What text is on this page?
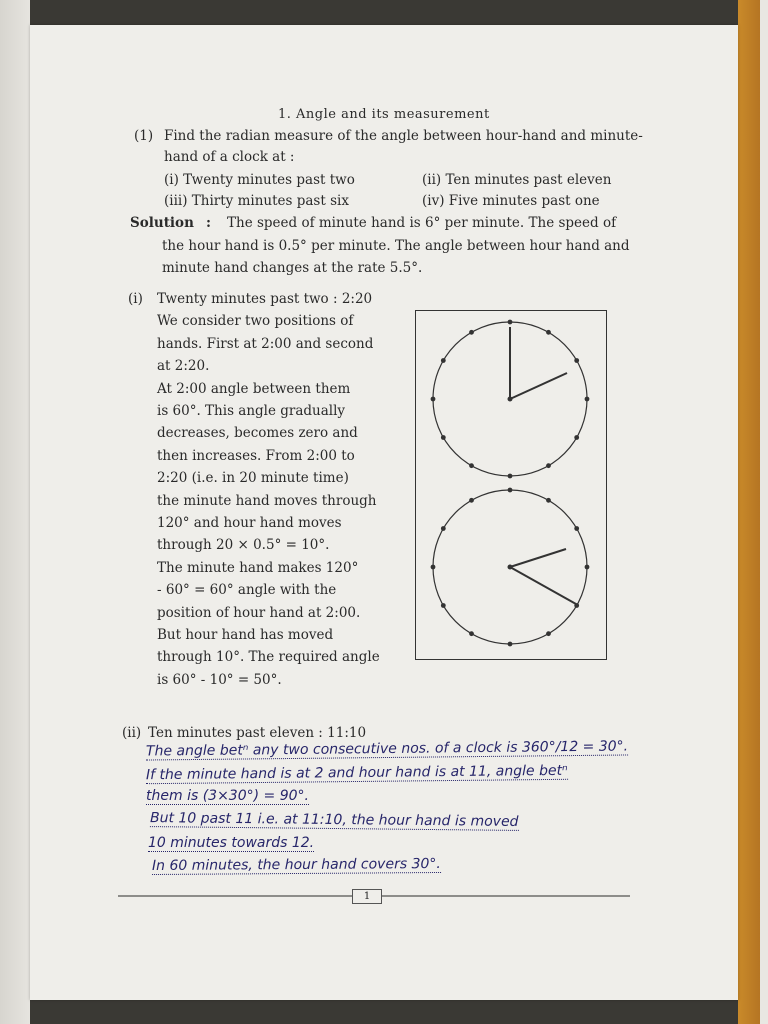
1. Angle and its measurement
(1) Find the radian measure of the angle between hour-hand and minute-
hand of a clock at :
(i) Twenty minutes past two	(ii) Ten minutes past eleven
(iii) Thirty minutes past six	(iv) Five minutes past one
Solution : The speed of minute hand is 6° per minute. The speed of
the hour hand is 0.5° per minute. The angle between hour hand and
minute hand changes at the rate 5.5°.
(i) Twenty minutes past two : 2:20
We consider two positions of
hands. First at 2:00 and second
at 2:20.
At 2:00 angle between them
is 60°. This angle gradually
decreases, becomes zero and
then increases. From 2:00 to
2:20 (i.e. in 20 minute time)
the minute hand moves through
120° and hour hand moves
through 20 × 0.5° = 10°.
The minute hand makes 120°
- 60° = 60° angle with the
position of hour hand at 2:00.
But hour hand has moved
through 10°. The required angle
is 60° - 10° = 50°.
(ii) Ten minutes past eleven : 11:10
The angle betⁿ any two consecutive nos. of a clock is 360°/12 = 30°.
If the minute hand is at 2 and hour hand is at 11, angle betⁿ
them is (3×30°) = 90°.
But 10 past 11 i.e. at 11:10, the hour hand is moved
10 minutes towards 12.
In 60 minutes, the hour hand covers 30°.
1
